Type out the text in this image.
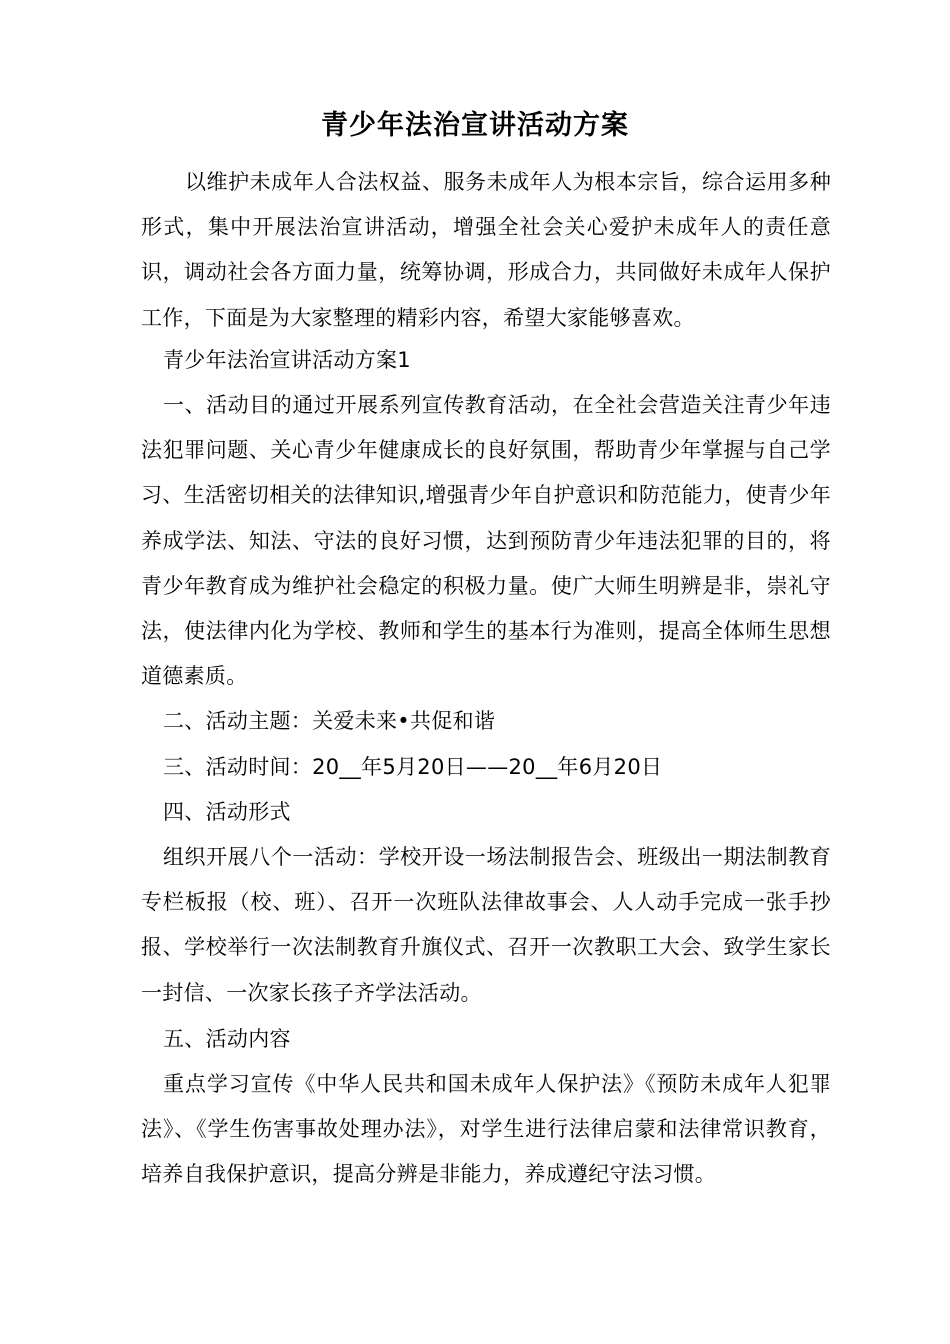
青少年法治宣讲活动方案

以维护未成年人合法权益、服务未成年人为根本宗旨，综合运用多种形式，集中开展法治宣讲活动，增强全社会关心爱护未成年人的责任意识，调动社会各方面力量，统筹协调，形成合力，共同做好未成年人保护工作，下面是为大家整理的精彩内容，希望大家能够喜欢。

青少年法治宣讲活动方案1

一、活动目的通过开展系列宣传教育活动，在全社会营造关注青少年违法犯罪问题、关心青少年健康成长的良好氛围，帮助青少年掌握与自己学习、生活密切相关的法律知识,增强青少年自护意识和防范能力，使青少年养成学法、知法、守法的良好习惯，达到预防青少年违法犯罪的目的，将青少年教育成为维护社会稳定的积极力量。使广大师生明辨是非，崇礼守法，使法律内化为学校、教师和学生的基本行为准则，提高全体师生思想道德素质。

二、活动主题：关爱未来•共促和谐

三、活动时间：20__年5月20日——20__年6月20日

四、活动形式

组织开展八个一活动：学校开设一场法制报告会、班级出一期法制教育专栏板报（校、班）、召开一次班队法律故事会、人人动手完成一张手抄报、学校举行一次法制教育升旗仪式、召开一次教职工大会、致学生家长一封信、一次家长孩子齐学法活动。

五、活动内容

重点学习宣传《中华人民共和国未成年人保护法》《预防未成年人犯罪法》、《学生伤害事故处理办法》，对学生进行法律启蒙和法律常识教育，培养自我保护意识，提高分辨是非能力，养成遵纪守法习惯。
